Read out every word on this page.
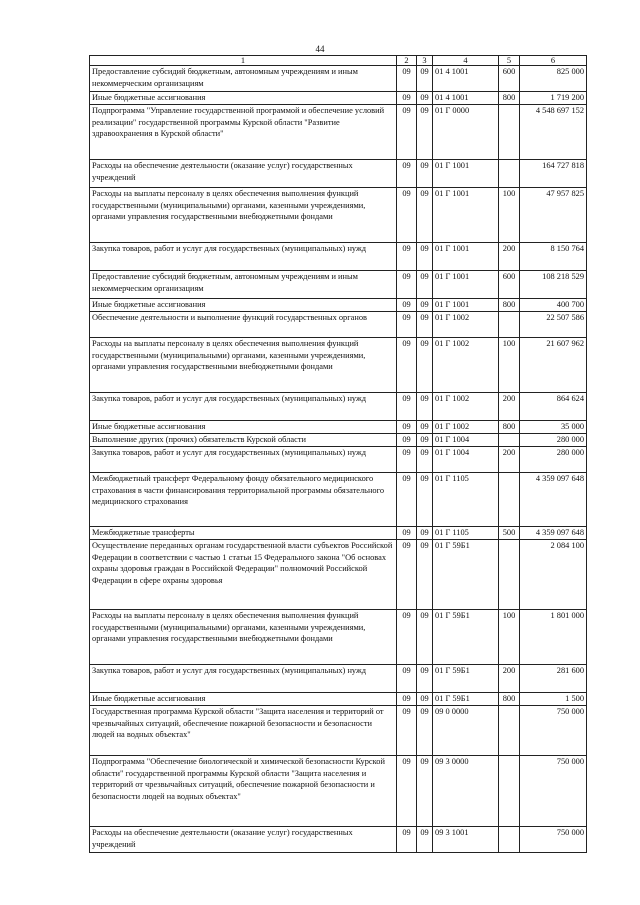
44
1	2	3	4	5	6
Предоставление субсидий бюджетным, автономным учреждениям и иным некоммерческим организациям	09	09	01 4 1001	600	825 000
Иные бюджетные ассигнования	09	09	01 4 1001	800	1 719 200
Подпрограмма "Управление государственной программой и обеспечение условий реализации" государственной программы Курской области "Развитие здравоохранения в Курской области"	09	09	01 Г 0000		4 548 697 152
Расходы на обеспечение деятельности (оказание услуг) государственных учреждений	09	09	01 Г 1001		164 727 818
Расходы на выплаты персоналу в целях обеспечения выполнения функций государственными (муниципальными) органами, казенными учреждениями, органами управления государственными внебюджетными фондами	09	09	01 Г 1001	100	47 957 825
Закупка товаров, работ и услуг для государственных (муниципальных) нужд	09	09	01 Г 1001	200	8 150 764
Предоставление субсидий бюджетным, автономным учреждениям и иным некоммерческим организациям	09	09	01 Г 1001	600	108 218 529
Иные бюджетные ассигнования	09	09	01 Г 1001	800	400 700
Обеспечение деятельности и выполнение функций государственных органов	09	09	01 Г 1002		22 507 586
Расходы на выплаты персоналу в целях обеспечения выполнения функций государственными (муниципальными) органами, казенными учреждениями, органами управления государственными внебюджетными фондами	09	09	01 Г 1002	100	21 607 962
Закупка товаров, работ и услуг для государственных (муниципальных) нужд	09	09	01 Г 1002	200	864 624
Иные бюджетные ассигнования	09	09	01 Г 1002	800	35 000
Выполнение других (прочих) обязательств Курской области	09	09	01 Г 1004		280 000
Закупка товаров, работ и услуг для государственных (муниципальных) нужд	09	09	01 Г 1004	200	280 000
Межбюджетный трансферт Федеральному фонду обязательного медицинского страхования в части финансирования территориальной программы обязательного медицинского страхования	09	09	01 Г 1105		4 359 097 648
Межбюджетные трансферты	09	09	01 Г 1105	500	4 359 097 648
Осуществление переданных органам государственной власти субъектов Российской Федерации в соответствии с частью 1 статьи 15 Федерального закона "Об основах охраны здоровья граждан в Российской Федерации" полномочий Российской Федерации в сфере охраны здоровья	09	09	01 Г 59Б1		2 084 100
Расходы на выплаты персоналу в целях обеспечения выполнения функций государственными (муниципальными) органами, казенными учреждениями, органами управления государственными внебюджетными фондами	09	09	01 Г 59Б1	100	1 801 000
Закупка товаров, работ и услуг для государственных (муниципальных) нужд	09	09	01 Г 59Б1	200	281 600
Иные бюджетные ассигнования	09	09	01 Г 59Б1	800	1 500
Государственная программа Курской области "Защита населения и территорий от чрезвычайных ситуаций, обеспечение пожарной безопасности и безопасности людей на водных объектах"	09	09	09 0 0000		750 000
Подпрограмма "Обеспечение биологической и химической безопасности Курской области" государственной программы Курской области "Защита населения и территорий от чрезвычайных ситуаций, обеспечение пожарной безопасности и безопасности людей на водных объектах"	09	09	09 3 0000		750 000
Расходы на обеспечение деятельности (оказание услуг) государственных учреждений	09	09	09 3 1001		750 000
